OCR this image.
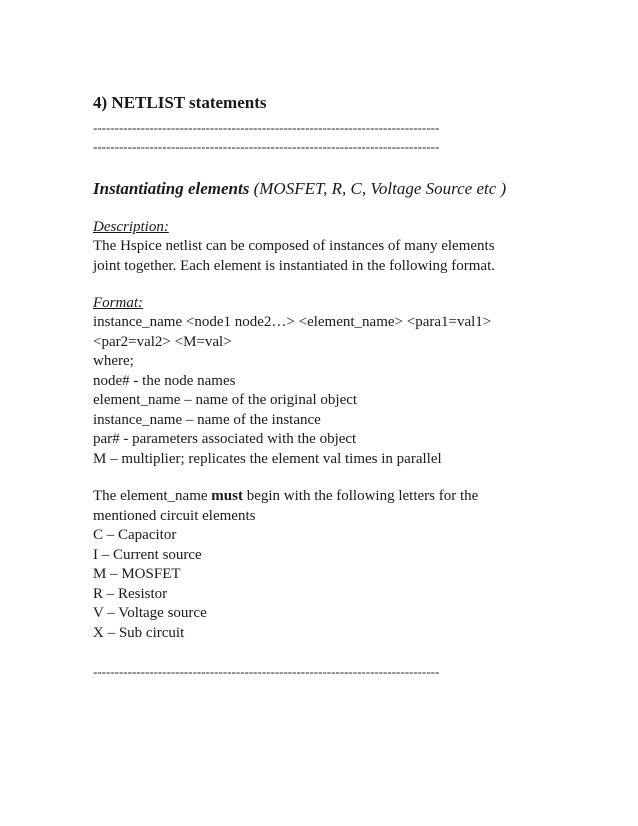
4) NETLIST statements
--------------------------------------------------------------------------------
--------------------------------------------------------------------------------
Instantiating elements (MOSFET, R, C, Voltage Source etc )
Description:

The Hspice netlist can be composed of instances of many elements
joint together. Each element is instantiated in the following format.

Format:

instance_name <node1 node2…> <element_name> <para1=val1>
<par2=val2> <M=val>
where;
node# - the node names
element_name – name of the original object
instance_name – name of the instance
par# - parameters associated with the object
M – multiplier; replicates the element val times in parallel

The element_name must begin with the following letters for the
mentioned circuit elements
C – Capacitor
I – Current source
M – MOSFET
R – Resistor
V – Voltage source
X – Sub circuit

--------------------------------------------------------------------------------
